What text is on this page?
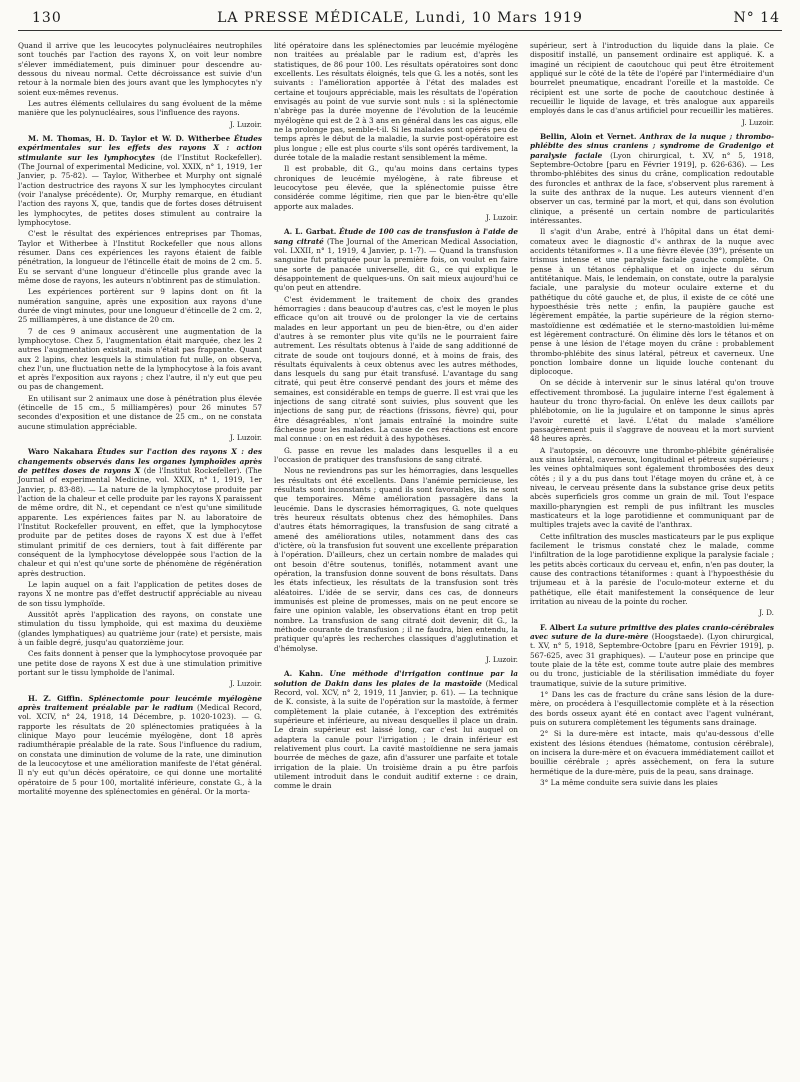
130	LA PRESSE MÉDICALE, Lundi, 10 Mars 1919	N° 14

Quand il arrive que les leucocytes polynucléaires neutrophiles sont touchés par l'action des rayons X, on voit leur nombre s'élever immédiatement, puis diminuer pour descendre au-dessous du niveau normal. Cette décroissance est suivie d'un retour à la normale bien des jours avant que les lymphocytes n'y soient eux-mêmes revenus.

Les autres éléments cellulaires du sang évoluent de la même manière que les polynucléaires, sous l'influence des rayons.

J. Luzoir.

M. M. Thomas, H. D. Taylor et W. D. Witherbee Études expérimentales sur les effets des rayons X : action stimulante sur les lymphocytes (de l'Institut Rockefeller). (The Journal of experimental Medicine, vol. XXIX, n° 1, 1919, 1er Janvier, p. 75-82). — Taylor, Witherbee et Murphy ont signalé l'action destructrice des rayons X sur les lymphocytes circulant (voir l'analyse précédente). Or, Murphy remarque, en étudiant l'action des rayons X, que, tandis que de fortes doses détruisent les lymphocytes, de petites doses stimulent au contraire la lymphocytose.

C'est le résultat des expériences entreprises par Thomas, Taylor et Witherbee à l'Institut Rockefeller que nous allons résumer. Dans ces expériences les rayons étaient de faible pénétration, la longueur de l'étincelle était de moins de 2 cm. 5. Eu se servant d'une longueur d'étincelle plus grande avec la même dose de rayons, les auteurs n'obtinrent pas de stimulation.

Les expériences portèrent sur 9 lapins dont on fit la numération sanguine, après une exposition aux rayons d'une durée de vingt minutes, pour une longueur d'étincelle de 2 cm. 2, 25 milliampères, à une distance de 20 cm.

7 de ces 9 animaux accusèrent une augmentation de la lymphocytose. Chez 5, l'augmentation était marquée, chez les 2 autres l'augmentation existait, mais n'était pas frappante. Quant aux 2 lapins, chez lesquels la stimulation fut nulle, on observa, chez l'un, une fluctuation nette de la lymphocytose à la fois avant et après l'exposition aux rayons ; chez l'autre, il n'y eut que peu ou pas de changement.

En utilisant sur 2 animaux une dose à pénétration plus élevée (étincelle de 15 cm., 5 milliampères) pour 26 minutes 57 secondes d'exposition et une distance de 25 cm., on ne constata aucune stimulation appréciable.

J. Luzoir.

Waro Nakahara Études sur l'action des rayons X : des changements observés dans les organes lymphoïdes après de petites doses de rayons X (de l'Institut Rockefeller). (The Journal of experimental Medicine, vol. XXIX, n° 1, 1919, 1er Janvier, p. 83-88). — La nature de la lymphocytose produite par l'action de la chaleur et celle produite par les rayons X paraissent de même ordre, dit N., et cependant ce n'est qu'une similitude apparente. Les expériences faites par N. au laboratoire de l'Institut Rockefeller prouvent, en effet, que la lymphocytose produite par de petites doses de rayons X est due à l'effet stimulant primitif de ces derniers, tout à fait différente par conséquent de la lymphocytose développée sous l'action de la chaleur et qui n'est qu'une sorte de phénomène de régénération après destruction.

Le lapin auquel on a fait l'application de petites doses de rayons X ne montre pas d'effet destructif appréciable au niveau de son tissu lymphoïde.

Aussitôt après l'application des rayons, on constate une stimulation du tissu lymphoïde, qui est maxima du deuxième (glandes lymphatiques) au quatrième jour (rate) et persiste, mais à un faible degré, jusqu'au quatorzième jour.

Ces faits donnent à penser que la lymphocytose provoquée par une petite dose de rayons X est due à une stimulation primitive portant sur le tissu lymphoïde de l'animal.

J. Luzoir.

H. Z. Giffin. Splénectomie pour leucémie myélogène après traitement préalable par le radium (Medical Record, vol. XCIV, n° 24, 1918, 14 Décembre, p. 1020-1023). — G. rapporte les résultats de 20 splénectomies pratiquées à la clinique Mayo pour leucémie myélogène, dont 18 après radiumthérapie préalable de la rate. Sous l'influence du radium, on constata une diminution de volume de la rate, une diminution de la leucocytose et une amélioration manifeste de l'état général. Il n'y eut qu'un décès opératoire, ce qui donne une mortalité opératoire de 5 pour 100, mortalité inférieure, constate G., à la mortalité moyenne des splénectomies en général. Or la morta-

lité opératoire dans les splénectomies par leucémie myélogène non traitées au préalable par le radium est, d'après les statistiques, de 86 pour 100. Les résultats opératoires sont donc excellents. Les résultats éloignés, tels que G. les a notés, sont les suivants : l'amélioration apportée à l'état des malades est certaine et toujours appréciable, mais les résultats de l'opération envisagés au point de vue survie sont nuls : si la splénectomie n'abrège pas la durée moyenne de l'évolution de la leucémie myélogène qui est de 2 à 3 ans en général dans les cas aigus, elle ne la prolonge pas, semble-t-il. Si les malades sont opérés peu de temps après le début de la maladie, la survie post-opératoire est plus longue ; elle est plus courte s'ils sont opérés tardivement, la durée totale de la maladie restant sensiblement la même.

Il est probable, dit G., qu'au moins dans certains types chroniques de leucémie myélogène, à rate fibreuse et leucocytose peu élevée, que la splénectomie puisse être considérée comme légitime, rien que par le bien-être qu'elle apporte aux malades.

J. Luzoir.

A. L. Garbat. Étude de 100 cas de transfusion à l'aide de sang citraté (The Journal of the American Medical Association, vol. LXXII, n° 1, 1919, 4 Janvier, p. 1-7). — Quand la transfusion sanguine fut pratiquée pour la première fois, on voulut en faire une sorte de panacée universelle, dit G., ce qui explique le désappointement de quelques-uns. On sait mieux aujourd'hui ce qu'on peut en attendre.

C'est évidemment le traitement de choix des grandes hémorragies : dans beaucoup d'autres cas, c'est le moyen le plus efficace qu'on ait trouvé ou de prolonger la vie de certains malades en leur apportant un peu de bien-être, ou d'en aider d'autres à se remonter plus vite qu'ils ne le pourraient faire autrement. Les résultats obtenus à l'aide de sang additionné de citrate de soude ont toujours donné, et à moins de frais, des résultats équivalents à ceux obtenus avec les autres méthodes, dans lesquels du sang pur était transfusé. L'avantage du sang citraté, qui peut être conservé pendant des jours et même des semaines, est considérable en temps de guerre. Il est vrai que les injections de sang citraté sont suivies, plus souvent que les injections de sang pur, de réactions (frissons, fièvre) qui, pour être désagréables, n'ont jamais entraîné la moindre suite fâcheuse pour les malades. La cause de ces réactions est encore mal connue : on en est réduit à des hypothèses.

G. passe en revue les malades dans lesquelles il a eu l'occasion de pratiquer des transfusions de sang citraté.

Nous ne reviendrons pas sur les hémorragies, dans lesquelles les résultats ont été excellents. Dans l'anémie pernicieuse, les résultats sont inconstants ; quand ils sont favorables, ils ne sont que temporaires. Même amélioration passagère dans la leucémie. Dans le dyscrasies hémorragiques, G. note quelques très heureux résultats obtenus chez des hémophiles. Dans d'autres états hémorragiques, la transfusion de sang citraté a amené des améliorations utiles, notamment dans des cas d'ictère, où la transfusion fut souvent une excellente préparation à l'opération. D'ailleurs, chez un certain nombre de malades qui ont besoin d'être soutenus, toniflés, notamment avant une opération, la transfusion donne souvent de bons résultats. Dans les états infectieux, les résultats de la transfusion sont très aléatoires. L'idée de se servir, dans ces cas, de donneurs immunisés est pleine de promesses, mais on ne peut encore se faire une opinion valable, les observations étant en trop petit nombre. La transfusion de sang citraté doit devenir, dit G., la méthode courante de transfusion ; il ne faudra, bien entendu, la pratiquer qu'après les recherches classiques d'agglutination et d'hémolyse.

J. Luzoir.

A. Kahn. Une méthode d'irrigation continue par la solution de Dakin dans les plaies de la mastoïde (Medical Record, vol. XCV, n° 2, 1919, 11 Janvier, p. 61). — La technique de K. consiste, à la suite de l'opération sur la mastoïde, à fermer complètement la plaie cutanée, à l'exception des extrémités supérieure et inférieure, au niveau desquelles il place un drain. Le drain supérieur est laissé long, car c'est lui auquel on adaptera la canule pour l'irrigation ; le drain inférieur est relativement plus court. La cavité mastoïdienne ne sera jamais bourrée de mèches de gaze, afin d'assurer une parfaite et totale irrigation de la plaie. Un troisième drain a pu être parfois utilement introduit dans le conduit auditif externe : ce drain, comme le drain

supérieur, sert à l'introduction du liquide dans la plaie. Ce dispositif installé, un pansement ordinaire est appliqué. K. a imaginé un récipient de caoutchouc qui peut être étroitement appliqué sur le côté de la tête de l'opéré par l'intermédiaire d'un bourrelet pneumatique, encadrant l'oreille et la mastoïde. Ce récipient est une sorte de poche de caoutchouc destinée à recueillir le liquide de lavage, et très analogue aux appareils employés dans le cas d'anus artificiel pour recueillir les matières.

J. Luzoir.

Bellin, Aloin et Vernet. Anthrax de la nuque ; thrombo-phlébite des sinus craniens ; syndrome de Gradenigo et paralysie faciale (Lyon chirurgical, t. XV, n° 5, 1918, Septembre-Octobre [paru en Février 1919], p. 626-636). — Les thrombo-phlébites des sinus du crâne, complication redoutable des furoncles et anthrax de la face, s'observent plus rarement à la suite des anthrax de la nuque. Les auteurs viennent d'en observer un cas, terminé par la mort, et qui, dans son évolution clinique, a présenté un certain nombre de particularités intéressantes.

Il s'agit d'un Arabe, entré à l'hôpital dans un état demi-comateux avec le diagnostic d'« anthrax de la nuque avec accidents tétaniformes ». Il a une fièvre élevée (39°), présente un trismus intense et une paralysie faciale gauche complète. On pense à un tétanos céphalique et on injecte du sérum antitétanique. Mais, le lendemain, on constate, outre la paralysie faciale, une paralysie du moteur oculaire externe et du pathétique du côté gauche et, de plus, il existe de ce côté une hypoesthésie très nette ; enfin, la paupière gauche est légèrement empâtée, la partie supérieure de la région sterno-mastoïdienne est œdématiée et le sterno-mastoïdien lui-même est légèrement contracturé. On élimine dès lors le tétanos et on pense à une lésion de l'étage moyen du crâne : probablement thrombo-phlébite des sinus latéral, pétreux et caverneux. Une ponction lombaire donne un liquide louche contenant du diplocoque.

On se décide à intervenir sur le sinus latéral qu'on trouve effectivement thrombosé. La jugulaire interne l'est également à hauteur du tronc thyro-facial. On enlève les deux caillots par phlébotomie, on lie la jugulaire et on tamponne le sinus après l'avoir curetté et lavé. L'état du malade s'améliore passagèrement puis il s'aggrave de nouveau et la mort survient 48 heures après.

A l'autopsie, on découvre une thrombo-phlébite généralisée aux sinus latéral, caverneux, longitudinal et pétreux supérieurs ; les veines ophtalmiques sont également thrombosées des deux côtés ; il y a du pus dans tout l'étage moyen du crâne et, à ce niveau, le cerveau présente dans la substance grise deux petits abcès superficiels gros comme un grain de mil. Tout l'espace maxillo-pharyngien est rempli de pus infiltrant les muscles masticateurs et la loge parotidienne et communiquant par de multiples trajets avec la cavité de l'anthrax.

Cette infiltration des muscles masticateurs par le pus explique facilement le trismus constaté chez le malade, comme l'infiltration de la loge parotidienne explique la paralysie faciale ; les petits abcès corticaux du cerveau et, enfin, n'en pas douter, la cause des contractions tétaniformes : quant à l'hypoesthésie du trijumeau et à la parésie de l'oculo-moteur externe et du pathétique, elle était manifestement la conséquence de leur irritation au niveau de la pointe du rocher.

J. D.

F. Albert La suture primitive des plaies cranio-cérébrales avec suture de la dure-mère (Hoogstaede). (Lyon chirurgical, t. XV, n° 5, 1918, Septembre-Octobre [paru en Février 1919], p. 567-625, avec 31 graphiques). — L'auteur pose en principe que toute plaie de la tête est, comme toute autre plaie des membres ou du tronc, justiciable de la stérilisation immédiate du foyer traumatique, suivie de la suture primitive.

1° Dans les cas de fracture du crâne sans lésion de la dure-mère, on procédera à l'esquillectomie complète et à la résection des bords osseux ayant été en contact avec l'agent vulnérant, puis on suturera complètement les téguments sans drainage.

2° Si la dure-mère est intacte, mais qu'au-dessous d'elle existent des lésions étendues (hématome, contusion cérébrale), on incisera la dure-mère et on évacuera immédiatement caillot et bouillie cérébrale ; après assèchement, on fera la suture hermétique de la dure-mère, puis de la peau, sans drainage.

3° La même conduite sera suivie dans les plaies
